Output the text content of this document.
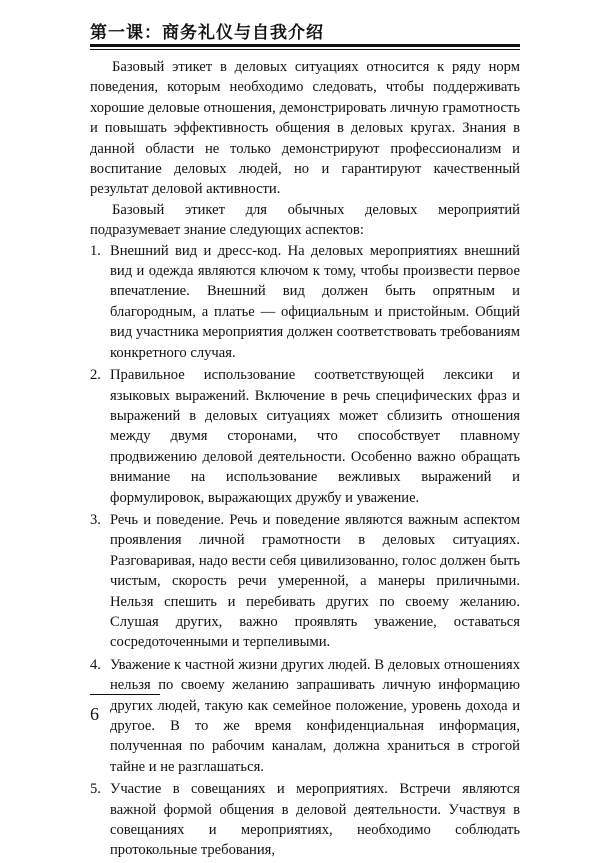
第一课：商务礼仪与自我介绍

Базовый этикет в деловых ситуациях относится к ряду норм поведения, которым необходимо следовать, чтобы поддерживать хорошие деловые отношения, демонстрировать личную грамотность и повышать эффективность общения в деловых кругах. Знания в данной области не только демонстрируют профессионализм и воспитание деловых людей, но и гарантируют качественный результат деловой активности.

Базовый этикет для обычных деловых мероприятий подразумевает знание следующих аспектов:

1. Внешний вид и дресс-код. На деловых мероприятиях внешний вид и одежда являются ключом к тому, чтобы произвести первое впечатление. Внешний вид должен быть опрятным и благородным, а платье — официальным и пристойным. Общий вид участника мероприятия должен соответствовать требованиям конкретного случая.
2. Правильное использование соответствующей лексики и языковых выражений. Включение в речь специфических фраз и выражений в деловых ситуациях может сблизить отношения между двумя сторонами, что способствует плавному продвижению деловой деятельности. Особенно важно обращать внимание на использование вежливых выражений и формулировок, выражающих дружбу и уважение.
3. Речь и поведение. Речь и поведение являются важным аспектом проявления личной грамотности в деловых ситуациях. Разговаривая, надо вести себя цивилизованно, голос должен быть чистым, скорость речи умеренной, а манеры приличными. Нельзя спешить и перебивать других по своему желанию. Слушая других, важно проявлять уважение, оставаться сосредоточенными и терпеливыми.
4. Уважение к частной жизни других людей. В деловых отношениях нельзя по своему желанию запрашивать личную информацию других людей, такую как семейное положение, уровень дохода и другое. В то же время конфиденциальная информация, полученная по рабочим каналам, должна храниться в строгой тайне и не разглашаться.
5. Участие в совещаниях и мероприятиях. Встречи являются важной формой общения в деловой деятельности. Участвуя в совещаниях и мероприятиях, необходимо соблюдать протокольные требования,
6
